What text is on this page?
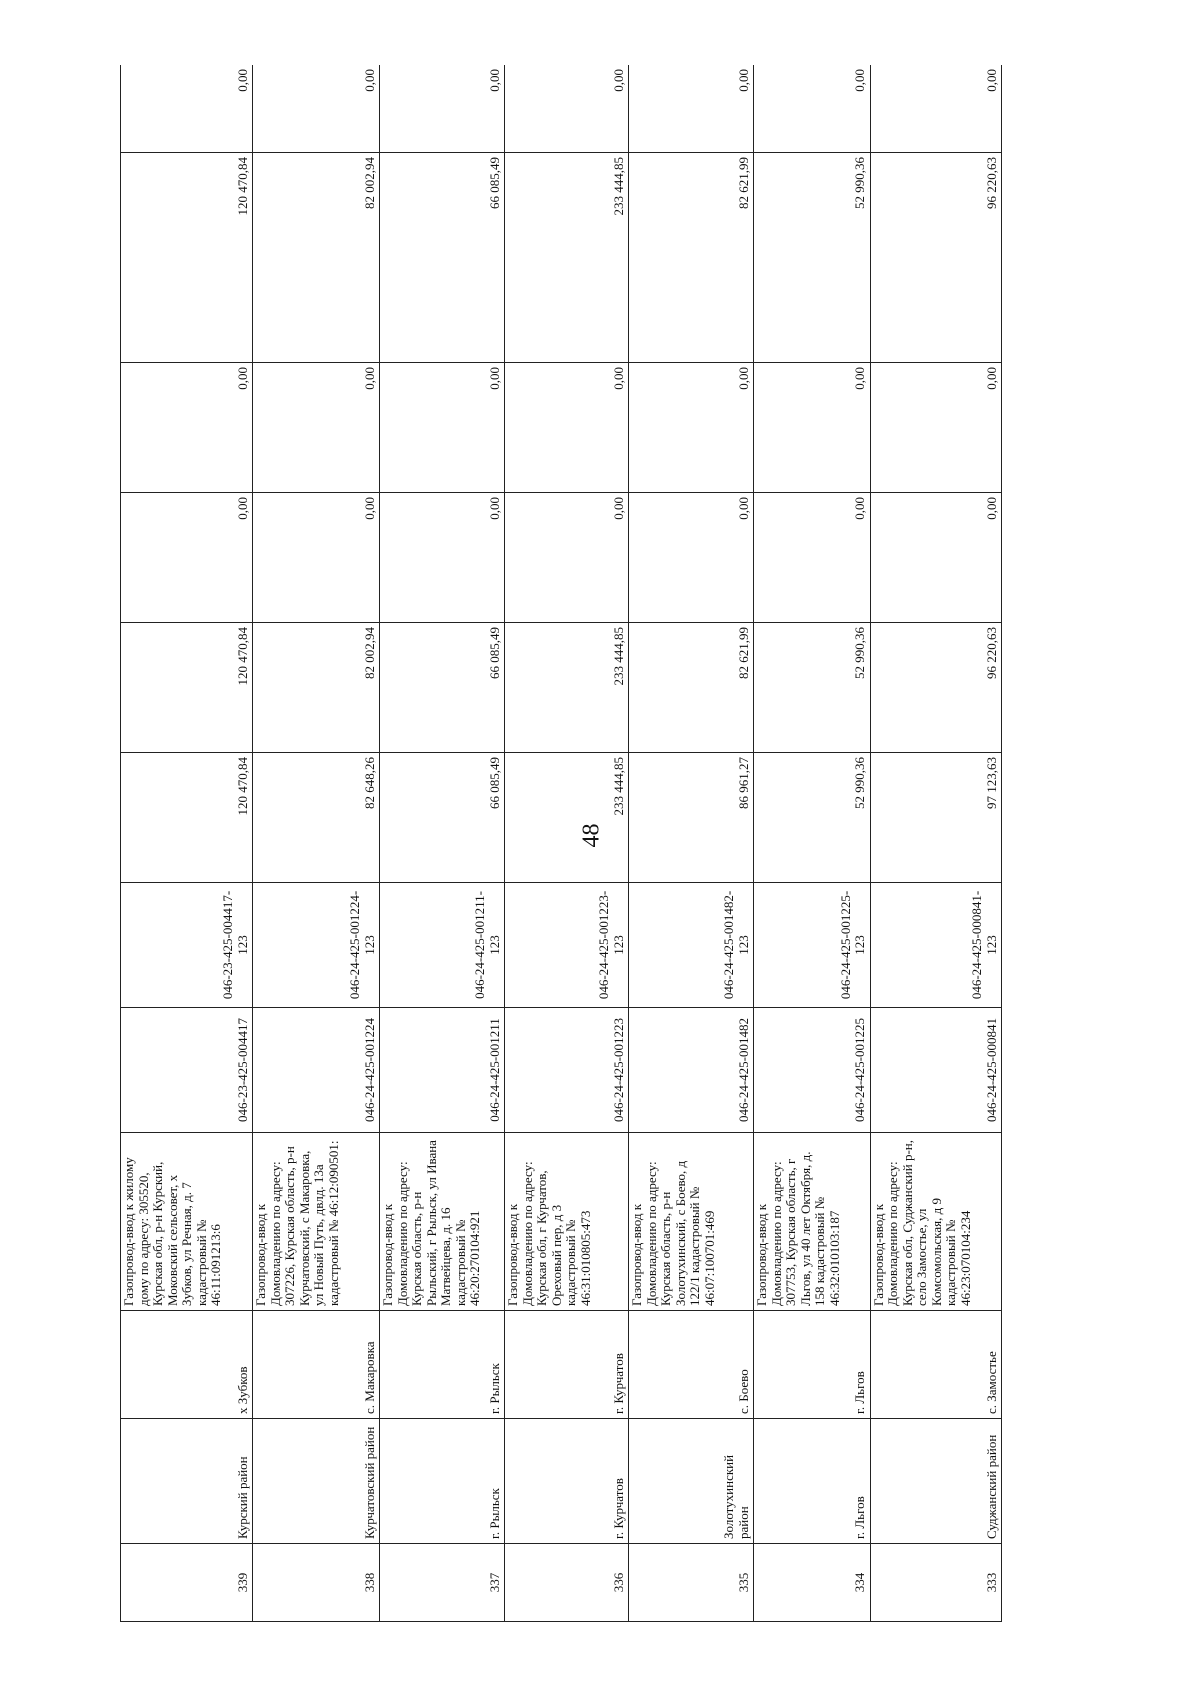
48
339	Курский район	х Зубков	Газопровод-ввод к жилому дому по адресу: 305520, Курская обл, р-н Курский, Моковский сельсовет, х Зубков, ул Речная, д. 7 кадастровый № 46:11:091213:6	046-23-425-004417	046-23-425-004417-123	120 470,84	120 470,84	0,00	0,00	120 470,84	0,00
338	Курчатовский район	с. Макаровка	Газопровод-ввод к Домовладению по адресу: 307226, Курская область, р-н Курчатовский, с Макаровка, ул Новый Путь, двлд. 13а кадастровый № 46:12:090501:	046-24-425-001224	046-24-425-001224-123	82 648,26	82 002,94	0,00	0,00	82 002,94	0,00
337	г. Рыльск	г. Рыльск	Газопровод-ввод к Домовладению по адресу: Курская область, р-н Рыльский, г Рыльск, ул Ивана Матвейцева, д. 16 кадастровый № 46:20:270104:921	046-24-425-001211	046-24-425-001211-123	66 085,49	66 085,49	0,00	0,00	66 085,49	0,00
336	г. Курчатов	г. Курчатов	Газопровод-ввод к Домовладению по адресу: Курская обл, г Курчатов, Ореховый пер, д 3 кадастровый № 46:31:010805:473	046-24-425-001223	046-24-425-001223-123	233 444,85	233 444,85	0,00	0,00	233 444,85	0,00
335	Золотухинский район	с. Боево	Газопровод-ввод к Домовладению по адресу: Курская область, р-н Золотухинский, с Боево, д 122/1 кадастровый № 46:07:100701:469	046-24-425-001482	046-24-425-001482-123	86 961,27	82 621,99	0,00	0,00	82 621,99	0,00
334	г. Льгов	г. Льгов	Газопровод-ввод к Домовладению по адресу: 307753, Курская область, г Льгов, ул 40 лет Октября, д. 158 кадастровый № 46:32:010103:187	046-24-425-001225	046-24-425-001225-123	52 990,36	52 990,36	0,00	0,00	52 990,36	0,00
333	Суджанский район	с. Замостье	Газопровод-ввод к Домовладению по адресу: Курская обл, Суджанский р-н, село Замостье, ул Комсомольская, д 9 кадастровый № 46:23:070104:234	046-24-425-000841	046-24-425-000841-123	97 123,63	96 220,63	0,00	0,00	96 220,63	0,00
